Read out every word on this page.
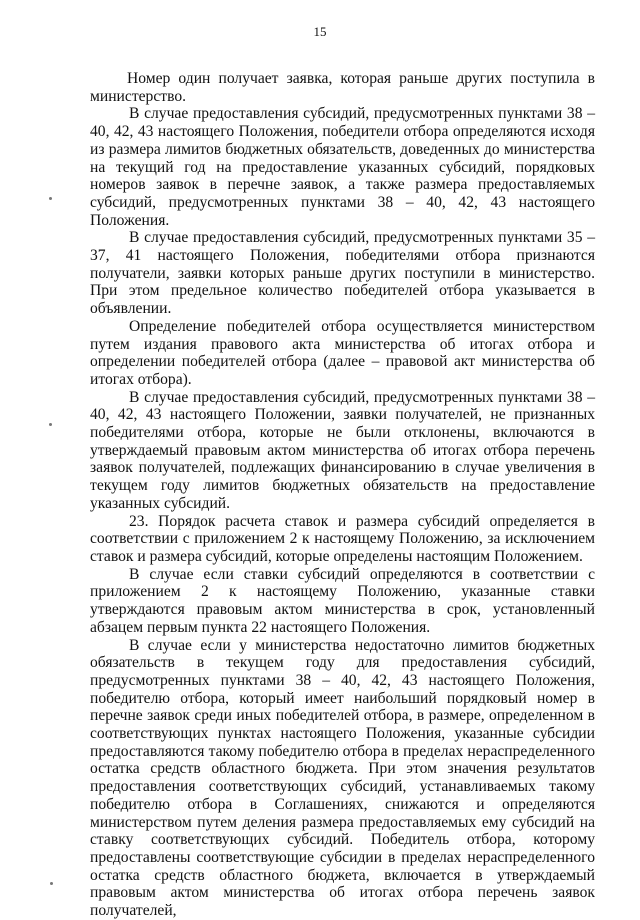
15

Номер один получает заявка, которая раньше других поступила в министерство.

В случае предоставления субсидий, предусмотренных пунктами 38 – 40, 42, 43 настоящего Положения, победители отбора определяются исходя из размера лимитов бюджетных обязательств, доведенных до министерства на текущий год на предоставление указанных субсидий, порядковых номеров заявок в перечне заявок, а также размера предоставляемых субсидий, предусмотренных пунктами 38 – 40, 42, 43 настоящего Положения.

В случае предоставления субсидий, предусмотренных пунктами 35 – 37, 41 настоящего Положения, победителями отбора признаются получатели, заявки которых раньше других поступили в министерство. При этом предельное количество победителей отбора указывается в объявлении.

Определение победителей отбора осуществляется министерством путем издания правового акта министерства об итогах отбора и определении победителей отбора (далее – правовой акт министерства об итогах отбора).

В случае предоставления субсидий, предусмотренных пунктами 38 – 40, 42, 43 настоящего Положении, заявки получателей, не признанных победителями отбора, которые не были отклонены, включаются в утверждаемый правовым актом министерства об итогах отбора перечень заявок получателей, подлежащих финансированию в случае увеличения в текущем году лимитов бюджетных обязательств на предоставление указанных субсидий.

23. Порядок расчета ставок и размера субсидий определяется в соответствии с приложением 2 к настоящему Положению, за исключением ставок и размера субсидий, которые определены настоящим Положением.

В случае если ставки субсидий определяются в соответствии с приложением 2 к настоящему Положению, указанные ставки утверждаются правовым актом министерства в срок, установленный абзацем первым пункта 22 настоящего Положения.

В случае если у министерства недостаточно лимитов бюджетных обязательств в текущем году для предоставления субсидий, предусмотренных пунктами 38 – 40, 42, 43 настоящего Положения, победителю отбора, который имеет наибольший порядковый номер в перечне заявок среди иных победителей отбора, в размере, определенном в соответствующих пунктах настоящего Положения, указанные субсидии предоставляются такому победителю отбора в пределах нераспределенного остатка средств областного бюджета. При этом значения результатов предоставления соответствующих субсидий, устанавливаемых такому победителю отбора в Соглашениях, снижаются и определяются министерством путем деления размера предоставляемых ему субсидий на ставку соответствующих субсидий. Победитель отбора, которому предоставлены соответствующие субсидии в пределах нераспределенного остатка средств областного бюджета, включается в утверждаемый правовым актом министерства об итогах отбора перечень заявок получателей,
